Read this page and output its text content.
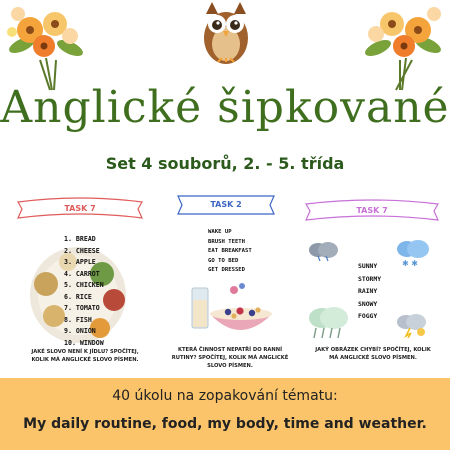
Anglické šipkované
Set 4 souborů, 2. - 5. třída
TASK 7
1. BREAD
2. CHEESE
3. APPLE
4. CARROT
5. CHICKEN
6. RICE
7. TOMATO
8. FISH
9. ONION
10. WINDOW
JAKÉ SLOVO NENÍ K JÍDLU? SPOČÍTEJ, KOLIK MÁ ANGLICKÉ SLOVO PÍSMEN.
TASK 2
WAKE UP
BRUSH TEETH
EAT BREAKFAST
GO TO BED
GET DRESSED
KTERÁ ČINNOST NEPATŘÍ DO RANNÍ RUTINY? SPOČÍTEJ, KOLIK MÁ ANGLICKÉ SLOVO PÍSMEN.
TASK 7
✱ ✱
SUNNY
STORMY
RAINY
SNOWY
FOGGY
JAKÝ OBRÁZEK CHYBÍ? SPOČÍTEJ, KOLIK MÁ ANGLICKÉ SLOVO PÍSMEN.
40 úkolu na zopakování tématu:
My daily routine, food, my body, time and weather.
